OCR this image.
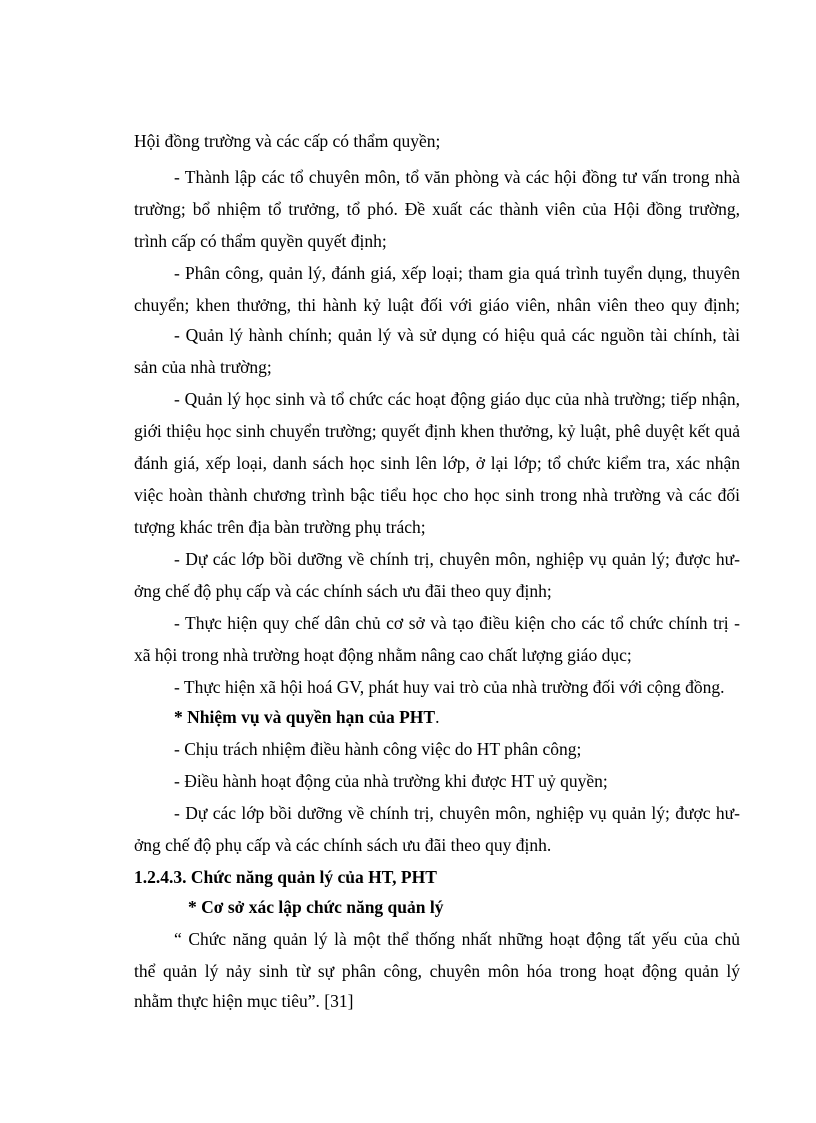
Hội đồng trường và các cấp có thẩm quyền;
- Thành lập các tổ chuyên môn, tổ văn phòng và các hội đồng tư vấn trong nhà
trường; bổ nhiệm tổ trưởng, tổ phó. Đề xuất các thành viên của Hội đồng trường,
trình cấp có thẩm quyền quyết định;
- Phân công, quản lý, đánh giá, xếp loại; tham gia quá trình tuyển dụng, thuyên
chuyển; khen thưởng, thi hành kỷ luật đối với giáo viên, nhân viên theo quy định;
- Quản lý hành chính; quản lý và sử dụng có hiệu quả các nguồn tài chính, tài
sản của nhà trường;
- Quản lý học sinh và tổ chức các hoạt động giáo dục của nhà trường; tiếp nhận,
giới thiệu học sinh chuyển trường; quyết định khen thưởng, kỷ luật, phê duyệt kết quả
đánh giá, xếp loại, danh sách học sinh lên lớp, ở lại lớp; tổ chức kiểm tra, xác nhận
việc hoàn thành chương trình bậc tiểu học cho học sinh trong nhà trường và các đối
tượng khác trên địa bàn trường phụ trách;
- Dự các lớp bồi dưỡng về chính trị, chuyên môn, nghiệp vụ quản lý; được hư-
ởng chế độ phụ cấp và các chính sách ưu đãi theo quy định;
- Thực hiện quy chế dân chủ cơ sở và tạo điều kiện cho các tổ chức chính trị -
xã hội trong nhà trường hoạt động nhằm nâng cao chất lượng giáo dục;
- Thực hiện xã hội hoá GV, phát huy vai trò của nhà trường đối với cộng đồng.
* Nhiệm vụ và quyền hạn của PHT.
- Chịu trách nhiệm điều hành công việc do HT phân công;
- Điều hành hoạt động của nhà trường khi được HT uỷ quyền;
- Dự các lớp bồi dưỡng về chính trị, chuyên môn, nghiệp vụ quản lý; được hư-
ởng chế độ phụ cấp và các chính sách ưu đãi theo quy định.
1.2.4.3. Chức năng quản lý của HT, PHT
* Cơ sở xác lập chức năng quản lý
“ Chức năng quản lý là một thể thống nhất những hoạt động tất yếu của chủ
thể quản lý nảy sinh từ sự phân công, chuyên môn hóa trong hoạt động quản lý
nhằm thực hiện mục tiêu”. [31]
